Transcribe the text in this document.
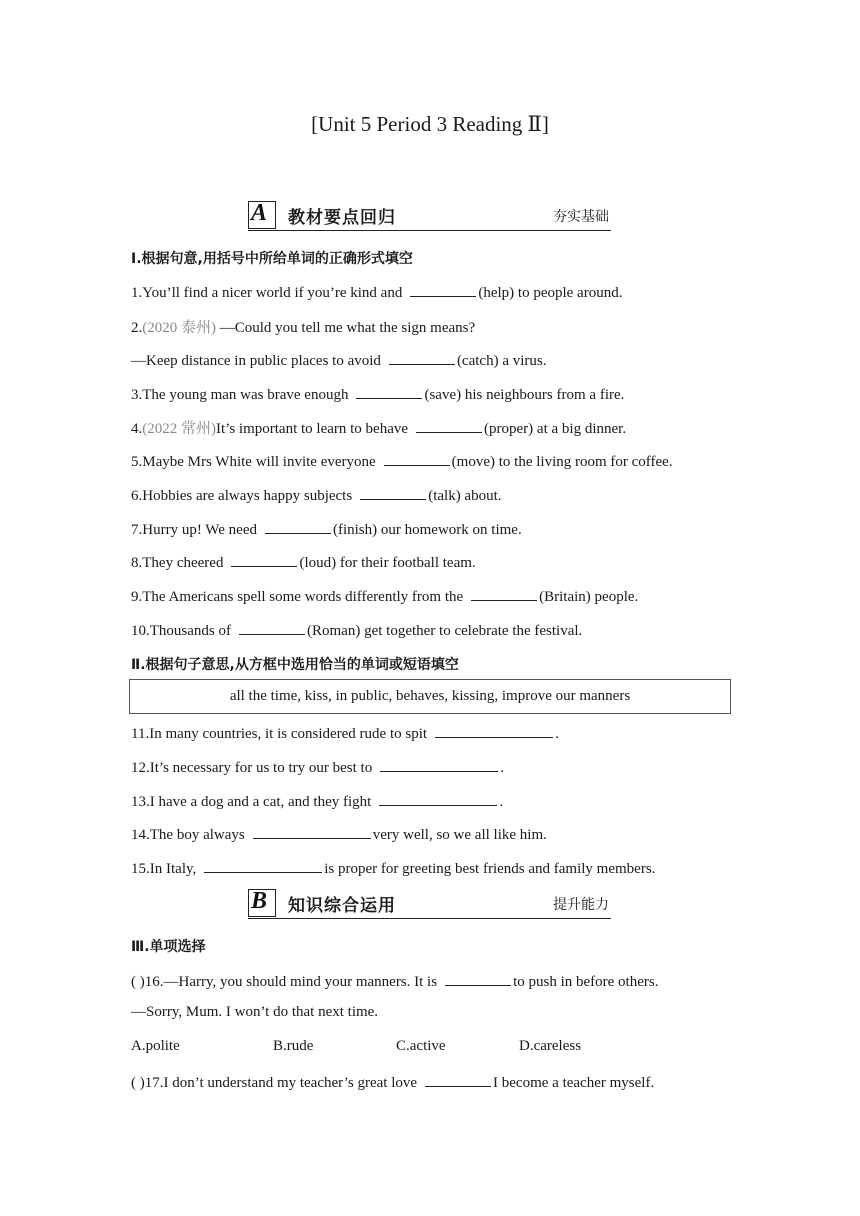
[Unit 5 Period 3 Reading Ⅱ]
A 教材要点回归	夯实基础
Ⅰ.根据句意,用括号中所给单词的正确形式填空
1.You’ll find a nicer world if you’re kind and	(help) to people around.
2.(2020 泰州) —Could you tell me what the sign means?
—Keep distance in public places to avoid	(catch) a virus.
3.The young man was brave enough	(save) his neighbours from a fire.
4.(2022 常州)It’s important to learn to behave	(proper) at a big dinner.
5.Maybe Mrs White will invite everyone	(move) to the living room for coffee.
6.Hobbies are always happy subjects	(talk) about.
7.Hurry up! We need	(finish) our homework on time.
8.They cheered	(loud) for their football team.
9.The Americans spell some words differently from the	(Britain) people.
10.Thousands of	(Roman) get together to celebrate the festival.
Ⅱ.根据句子意思,从方框中选用恰当的单词或短语填空
all the time, kiss, in public, behaves, kissing, improve our manners
11.In many countries, it is considered rude to spit	.
12.It’s necessary for us to try our best to	.
13.I have a dog and a cat, and they fight	.
14.The boy always	very well, so we all like him.
15.In Italy,	is proper for greeting best friends and family members.
B 知识综合运用	提升能力
Ⅲ.单项选择
( )16.—Harry, you should mind your manners. It is	to push in before others.
—Sorry, Mum. I won’t do that next time.
A.polite	B.rude	C.active	D.careless
( )17.I don’t understand my teacher’s great love	I become a teacher myself.
